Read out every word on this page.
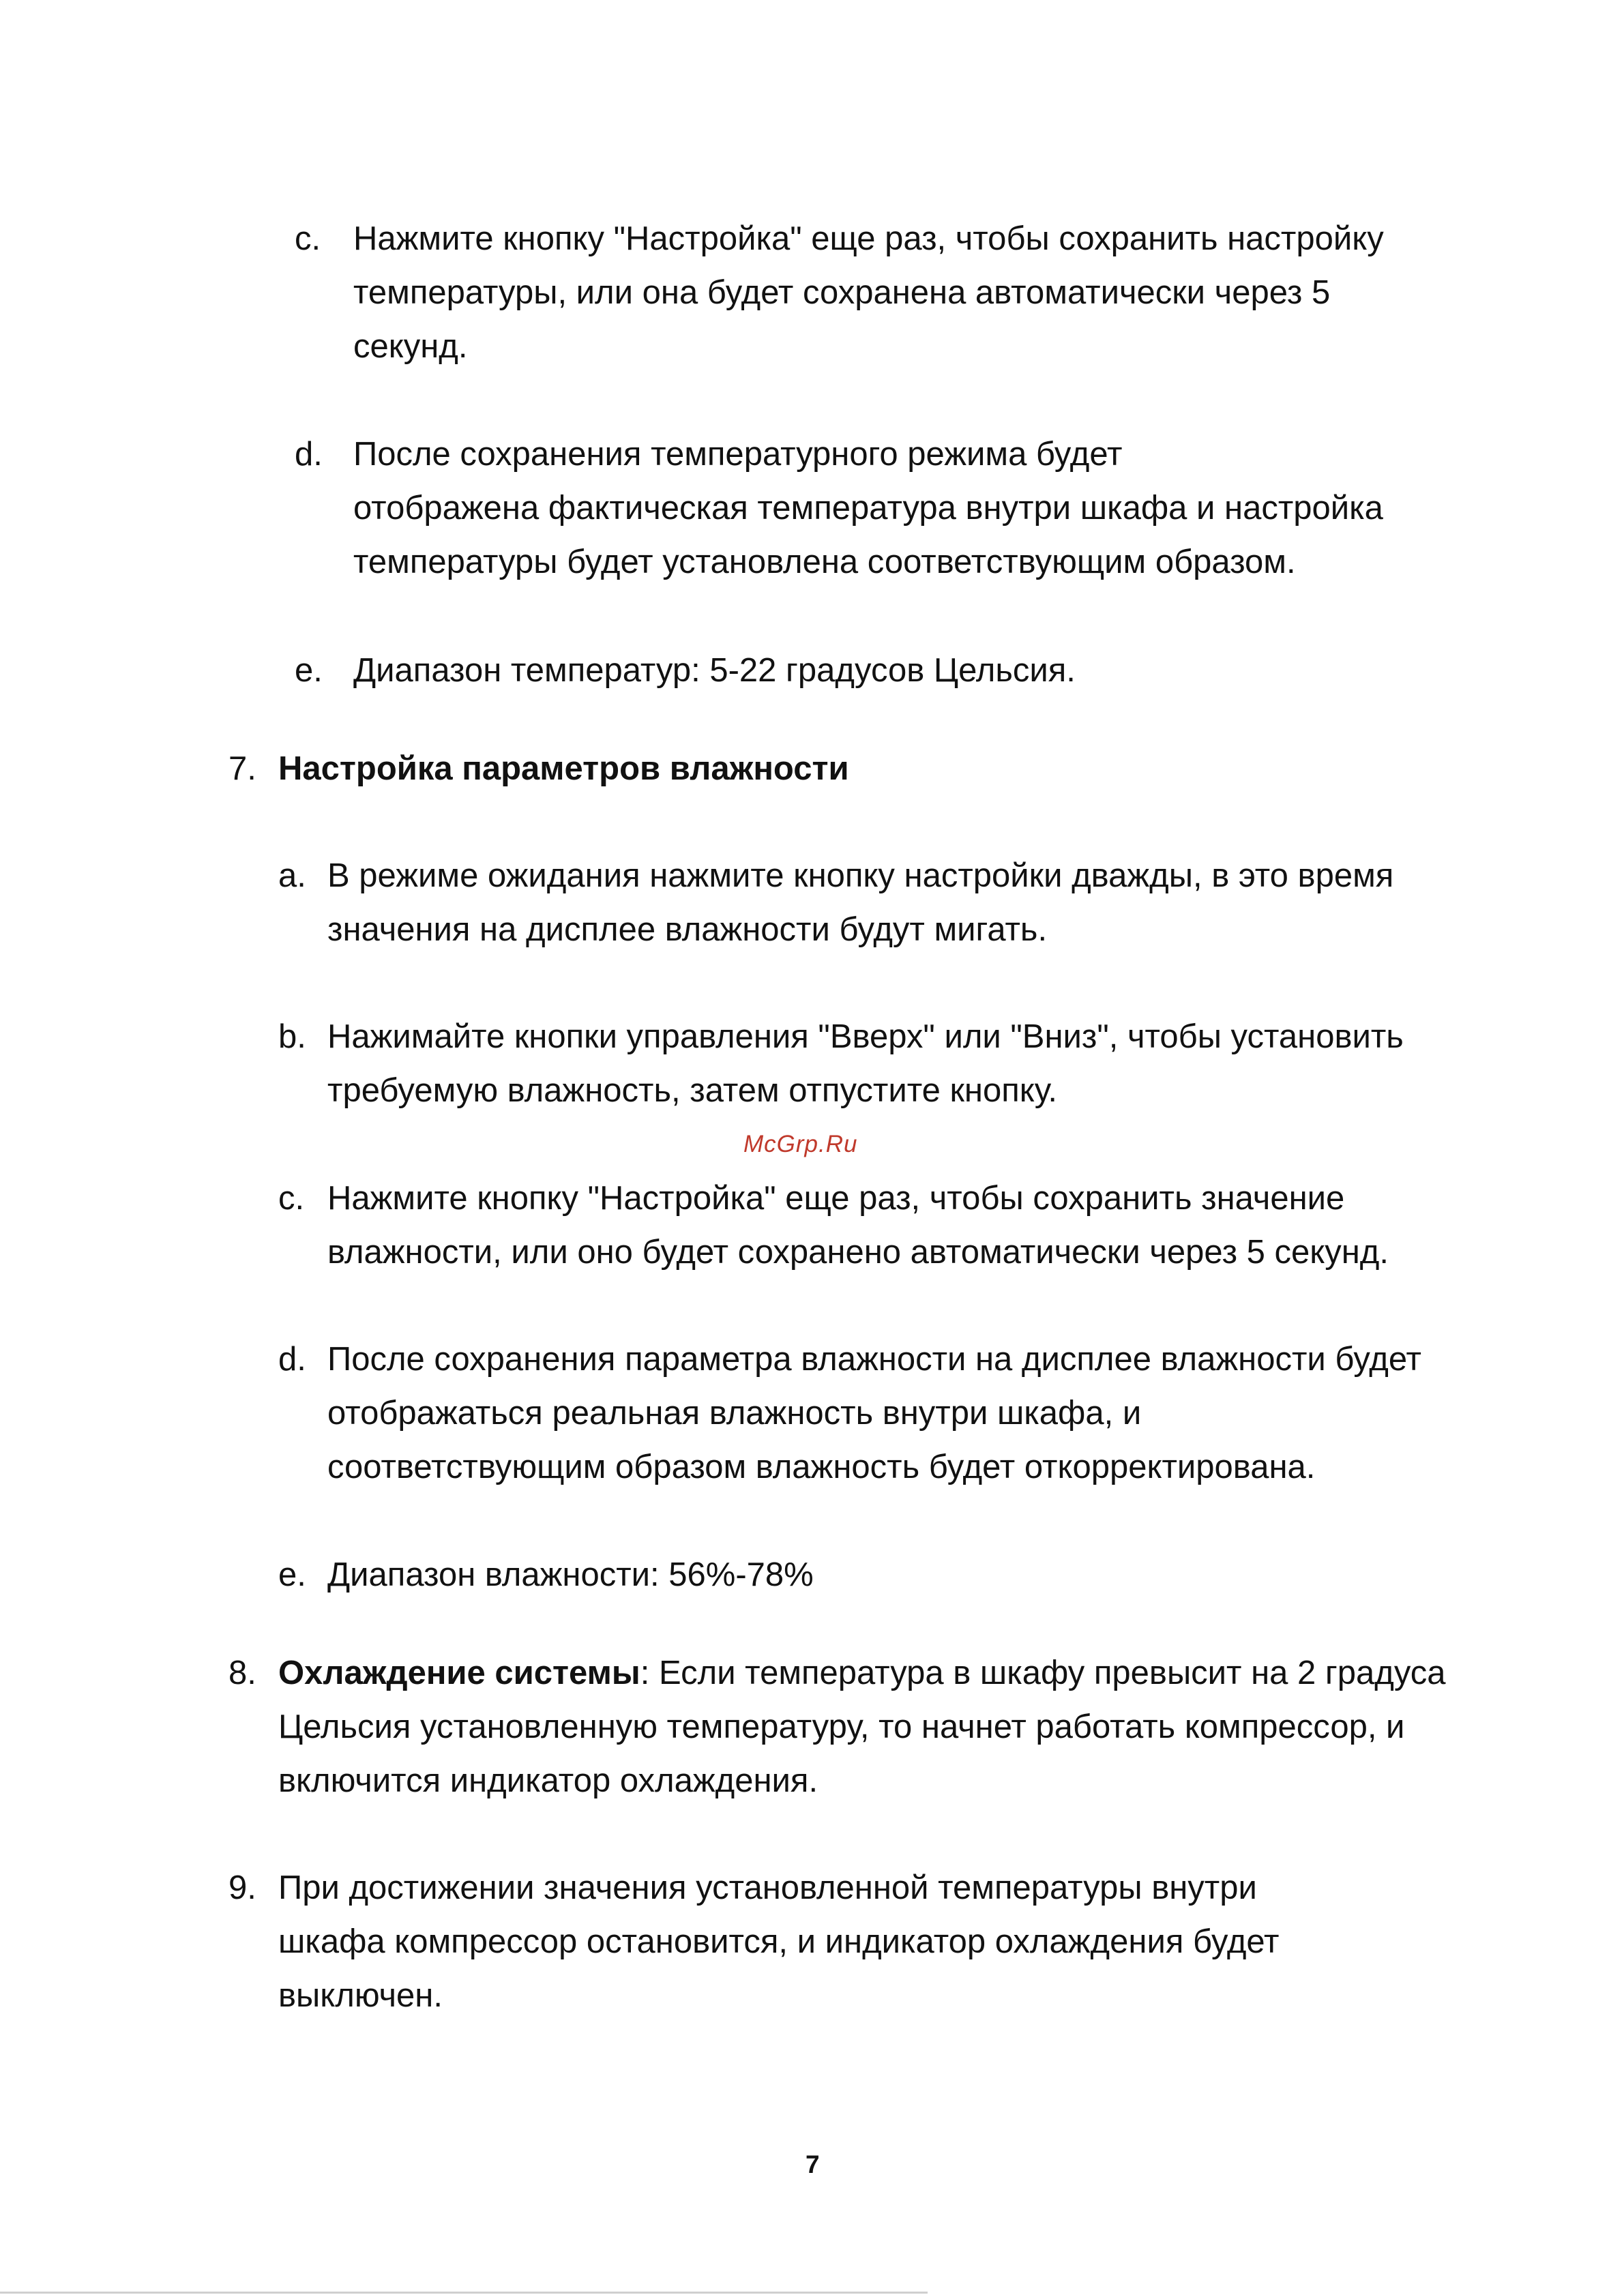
c. Нажмите кнопку "Настройка" еще раз, чтобы сохранить настройку
температуры, или она будет сохранена автоматически через 5
секунд.
d. После сохранения температурного режима будет
отображена фактическая температура внутри шкафа и настройка
температуры будет установлена соответствующим образом.
e. Диапазон температур: 5-22 градусов Цельсия.
7. Настройка параметров влажности
a. В режиме ожидания нажмите кнопку настройки дважды, в это время
значения на дисплее влажности будут мигать.
b. Нажимайте кнопки управления "Вверх" или "Вниз", чтобы установить
требуемую влажность, затем отпустите кнопку.
McGrp.Ru
c. Нажмите кнопку "Настройка" еще раз, чтобы сохранить значение
влажности, или оно будет сохранено автоматически через 5 секунд.
d. После сохранения параметра влажности на дисплее влажности будет
отображаться реальная влажность внутри шкафа, и
соответствующим образом влажность будет откорректирована.
e. Диапазон влажности: 56%-78%
8. Охлаждение системы: Если температура в шкафу превысит на 2 градуса
Цельсия установленную температуру, то начнет работать компрессор, и
включится индикатор охлаждения.
9. При достижении значения установленной температуры внутри
шкафа компрессор остановится, и индикатор охлаждения будет
выключен.
7
